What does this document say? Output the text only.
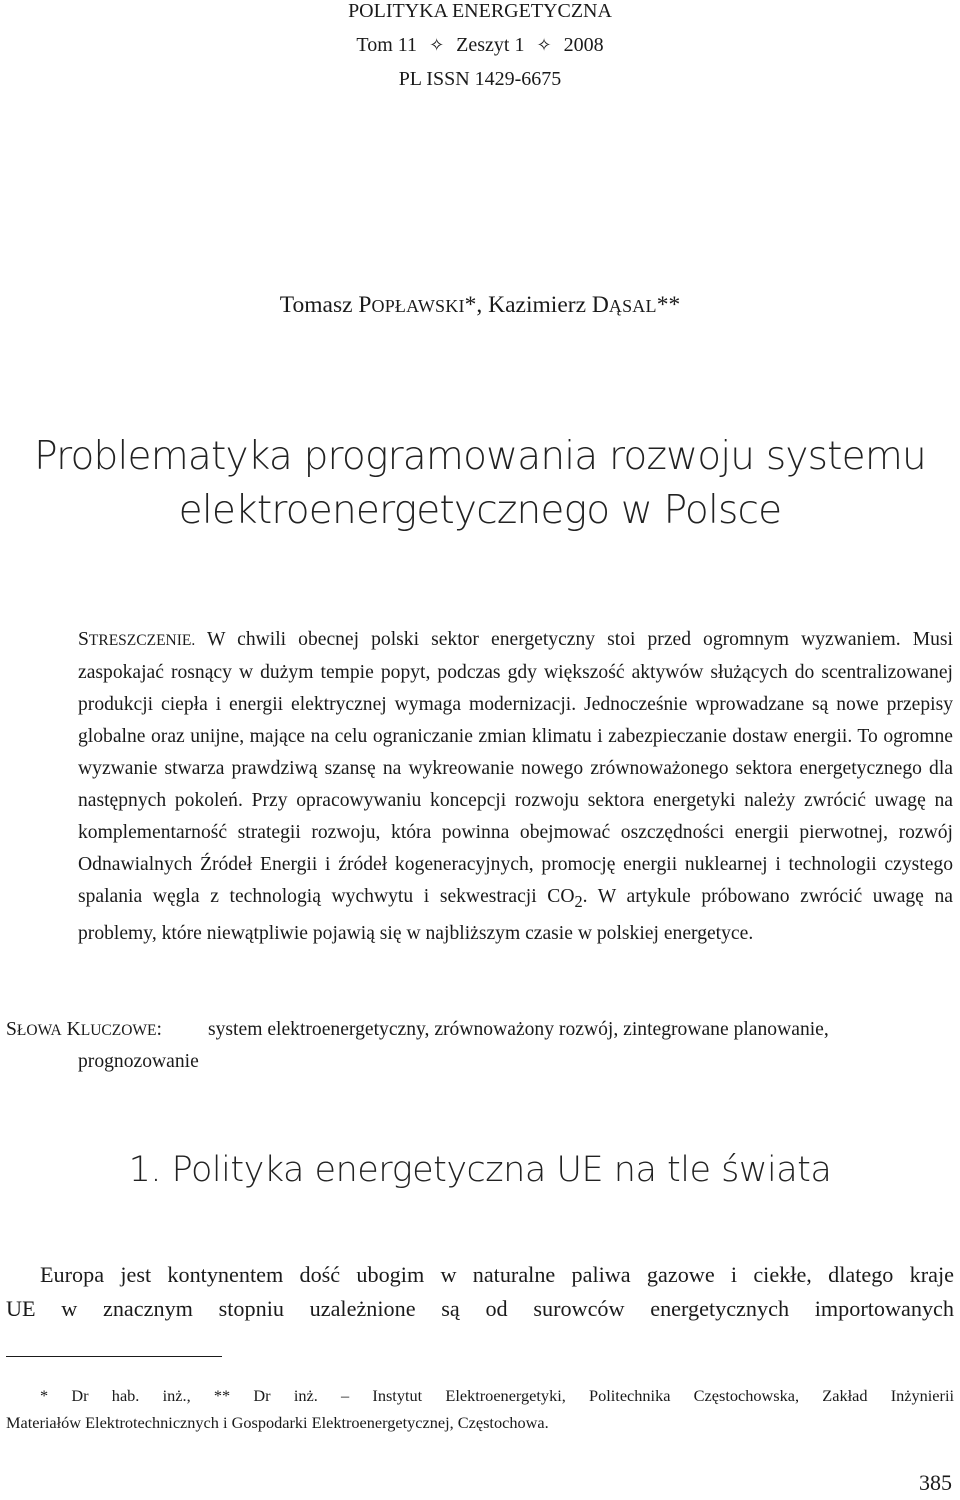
POLITYKA ENERGETYCZNA
Tom 11 ✧ Zeszyt 1 ✧ 2008
PL ISSN 1429-6675
Tomasz POPŁAWSKI*, Kazimierz DĄSAL**
Problematyka programowania rozwoju systemu
elektroenergetycznego w Polsce

STRESZCZENIE. W chwili obecnej polski sektor energetyczny stoi przed ogromnym wyzwaniem. Musi zaspokajać rosnący w dużym tempie popyt, podczas gdy większość aktywów służących do scentralizowanej produkcji ciepła i energii elektrycznej wymaga modernizacji. Jednocześnie wprowadzane są nowe przepisy globalne oraz unijne, mające na celu ograniczanie zmian klimatu i zabezpieczanie dostaw energii. To ogromne wyzwanie stwarza prawdziwą szansę na wykreowanie nowego zrównoważonego sektora energetycznego dla następnych pokoleń. Przy opracowywaniu koncepcji rozwoju sektora energetyki należy zwrócić uwagę na komplementarność strategii rozwoju, która powinna obejmować oszczędności energii pierwotnej, rozwój Odnawialnych Źródeł Energii i źródeł kogeneracyjnych, promocję energii nuklearnej i technologii czystego spalania węgla z technologią wychwytu i sekwestracji $CO_2$. W artykule próbowano zwrócić uwagę na problemy, które niewątpliwie pojawią się w najbliższym czasie w polskiej energetyce.

SŁOWA KLUCZOWE:	system elektroenergetyczny, zrównoważony rozwój, zintegrowane planowanie, prognozowanie
1. Polityka energetyczna UE na tle świata
Europa jest kontynentem dość ubogim w naturalne paliwa gazowe i ciekłe, dlatego kraje
UE w znacznym stopniu uzależnione są od surowców energetycznych importowanych
* Dr hab. inż., ** Dr inż. – Instytut Elektroenergetyki, Politechnika Częstochowska, Zakład Inżynierii
Materiałów Elektrotechnicznych i Gospodarki Elektroenergetycznej, Częstochowa.
385
